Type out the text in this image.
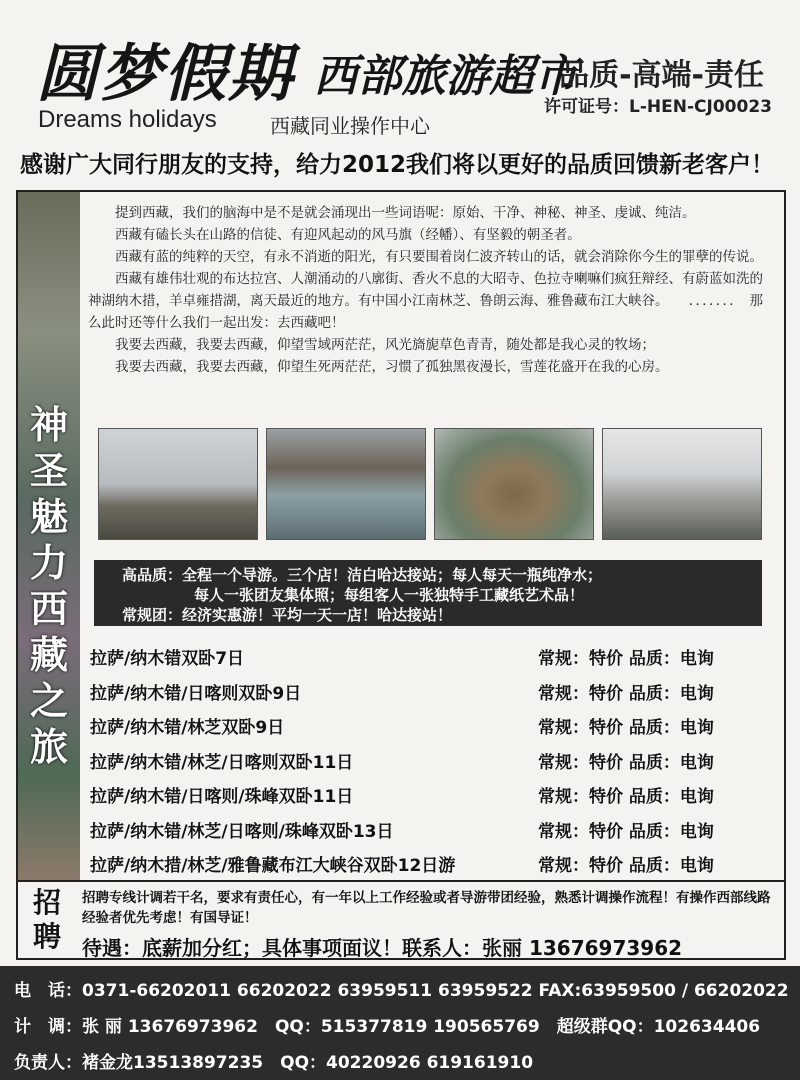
圆梦假期
- 西部旅游超市
Dreams holidays	西藏同业操作中心
品质-高端-责任
许可证号：L-HEN-CJ00023
感谢广大同行朋友的支持，给力2012我们将以更好的品质回馈新老客户！
神圣魅力西藏之旅

提到西藏，我们的脑海中是不是就会涌现出一些词语呢：原始、干净、神秘、神圣、虔诚、纯洁。

西藏有磕长头在山路的信徒、有迎风起动的风马旗（经幡）、有坚毅的朝圣者。

西藏有蓝的纯粹的天空，有永不消逝的阳光，有只要围着岗仁波齐转山的话，就会消除你今生的罪孽的传说。

西藏有雄伟壮观的布达拉宫、人潮涌动的八廓街、香火不息的大昭寺、色拉寺喇嘛们疯狂辩经、有蔚蓝如洗的神湖纳木措，羊卓雍措湖，离天最近的地方。有中国小江南林芝、鲁朗云海、雅鲁藏布江大峡谷。　　．．．．．．．　那么此时还等什么我们一起出发：去西藏吧！

我要去西藏，我要去西藏，仰望雪域两茫茫，风光旖旎草色青青，随处都是我心灵的牧场；

我要去西藏，我要去西藏，仰望生死两茫茫，习惯了孤独黑夜漫长，雪莲花盛开在我的心房。

高品质：全程一个导游。三个店！洁白哈达接站；每人每天一瓶纯净水；
每人一张团友集体照；每组客人一张独特手工藏纸艺术品！
常规团：经济实惠游！平均一天一店！哈达接站！
拉萨/纳木错双卧7日	常规：特价 品质：电询
拉萨/纳木错/日喀则双卧9日	常规：特价 品质：电询
拉萨/纳木错/林芝双卧9日	常规：特价 品质：电询
拉萨/纳木错/林芝/日喀则双卧11日	常规：特价 品质：电询
拉萨/纳木错/日喀则/珠峰双卧11日	常规：特价 品质：电询
拉萨/纳木错/林芝/日喀则/珠峰双卧13日	常规：特价 品质：电询
拉萨/纳木措/林芝/雅鲁藏布江大峡谷双卧12日游	常规：特价 品质：电询
招聘
招聘专线计调若干名，要求有责任心，有一年以上工作经验或者导游带团经验，熟悉计调操作流程！有操作西部线路经验者优先考虑！有国导证！
待遇：底薪加分红；具体事项面议！联系人：张丽 13676973962
电　话：0371-66202011 66202022 63959511 63959522 FAX:63959500 / 66202022
计　调：张 丽 13676973962　QQ：515377819 190565769　超级群QQ：102634406
负责人：褚金龙13513897235　QQ：40220926 619161910
